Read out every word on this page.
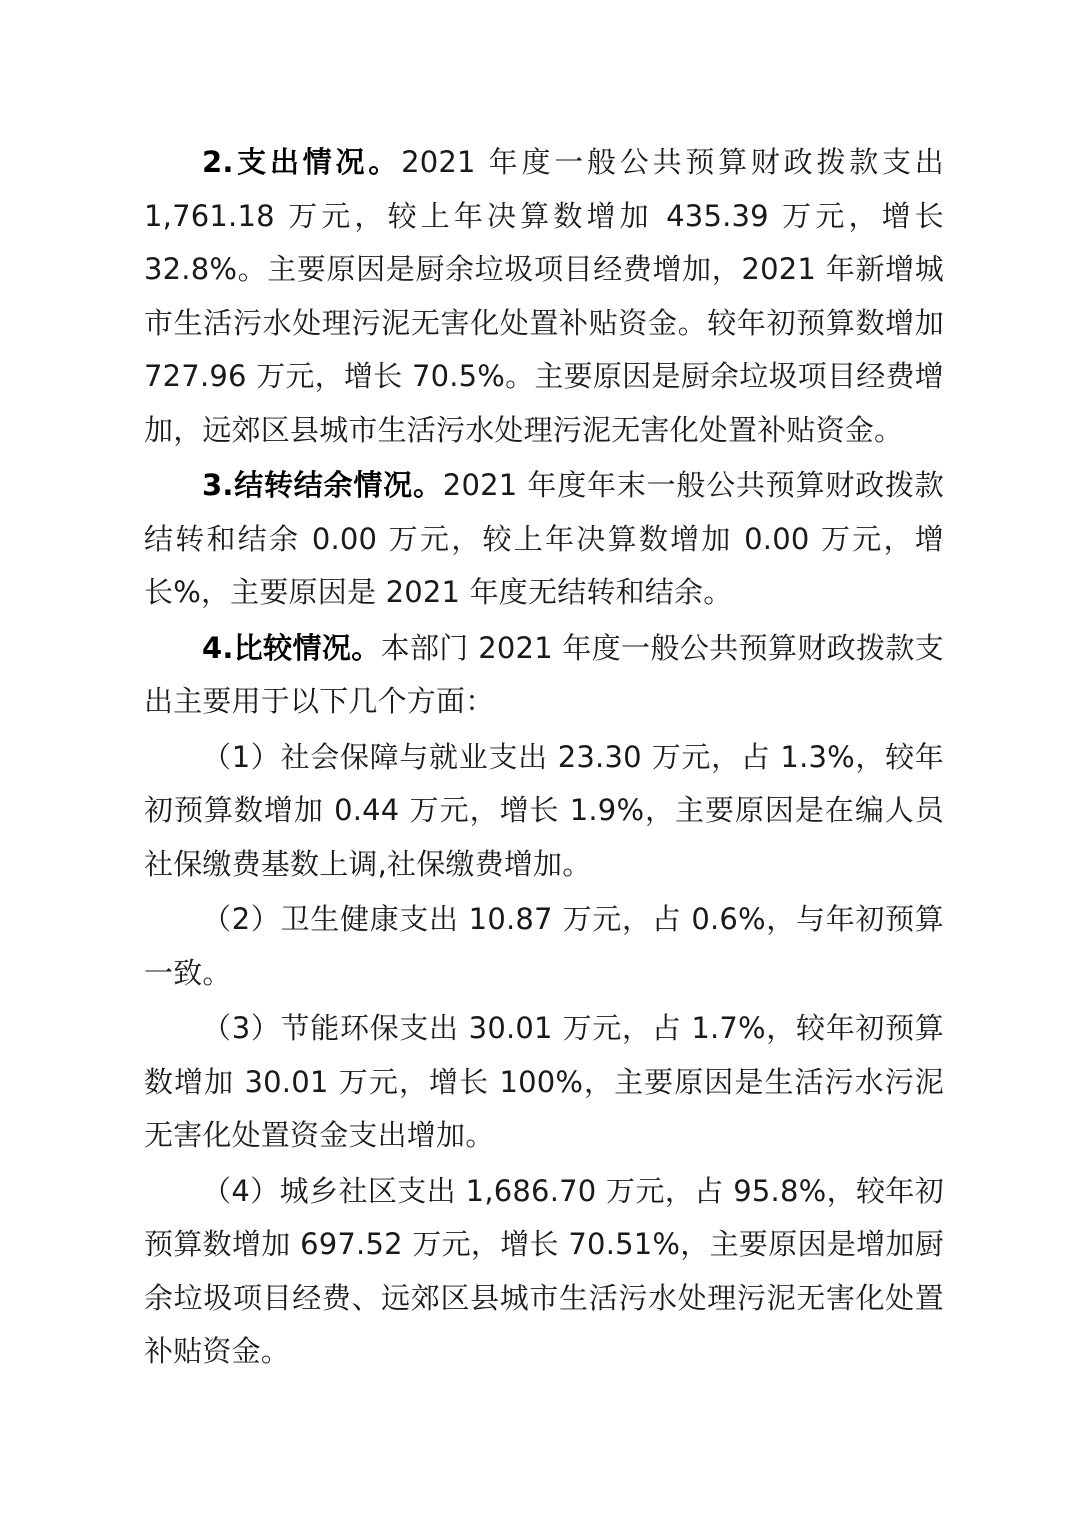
2.支出情况。2021 年度一般公共预算财政拨款支出 1,761.18 万元，较上年决算数增加 435.39 万元，增长 32.8%。主要原因是厨余垃圾项目经费增加，2021 年新增城市生活污水处理污泥无害化处置补贴资金。较年初预算数增加 727.96 万元，增长 70.5%。主要原因是厨余垃圾项目经费增加，远郊区县城市生活污水处理污泥无害化处置补贴资金。

3.结转结余情况。2021 年度年末一般公共预算财政拨款结转和结余 0.00 万元，较上年决算数增加 0.00 万元，增长%，主要原因是 2021 年度无结转和结余。

4.比较情况。本部门 2021 年度一般公共预算财政拨款支出主要用于以下几个方面：

（1）社会保障与就业支出 23.30 万元，占 1.3%，较年初预算数增加 0.44 万元，增长 1.9%，主要原因是在编人员社保缴费基数上调,社保缴费增加。

（2）卫生健康支出 10.87 万元，占 0.6%，与年初预算一致。

（3）节能环保支出 30.01 万元，占 1.7%，较年初预算数增加 30.01 万元，增长 100%，主要原因是生活污水污泥无害化处置资金支出增加。

（4）城乡社区支出 1,686.70 万元，占 95.8%，较年初预算数增加 697.52 万元，增长 70.51%，主要原因是增加厨余垃圾项目经费、远郊区县城市生活污水处理污泥无害化处置补贴资金。
